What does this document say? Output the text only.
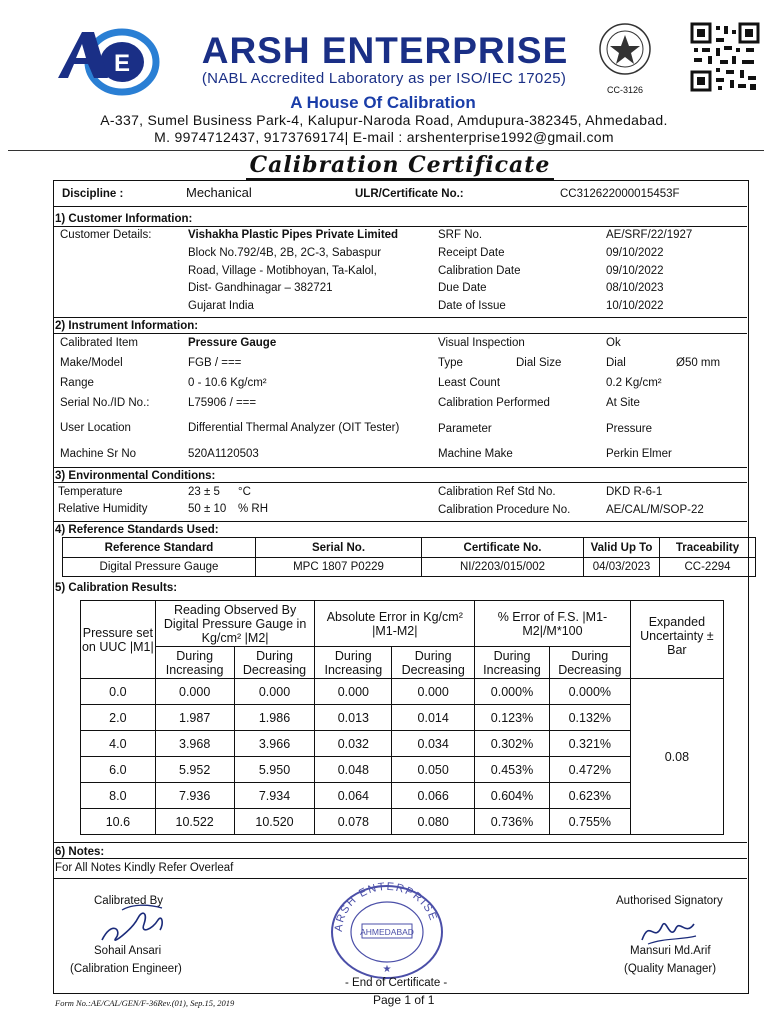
E ARSH ENTERPRISE
(NABL Accredited Laboratory as per ISO/IEC 17025)
A House Of Calibration
A-337, Sumel Business Park-4, Kalupur-Naroda Road, Amdupura-382345, Ahmedabad.
M. 9974712437, 9173769174| E-mail : arshenterprise1992@gmail.com
CC-3126
Calibration Certificate
Discipline :	Mechanical	ULR/Certificate No.:	CC312622000015453F
1) Customer Information:
Customer Details:	Vishakha Plastic Pipes Private Limited
Block No.792/4B, 2B, 2C-3, Sabaspur
Road, Village - Motibhoyan, Ta-Kalol,
Dist- Gandhinagar – 382721
Gujarat India
SRF No.	AE/SRF/22/1927
Receipt Date	09/10/2022
Calibration Date	09/10/2022
Due Date	08/10/2023
Date of Issue	10/10/2022
2) Instrument Information:
Calibrated Item	Pressure Gauge	Visual Inspection	Ok
Make/Model	FGB / ===	Type	Dial Size	Dial	Ø50 mm
Range	0 - 10.6 Kg/cm²	Least Count	0.2 Kg/cm²
Serial No./ID No.:	L75906 / ===	Calibration Performed	At Site
User Location	Differential Thermal Analyzer (OIT Tester)	Parameter	Pressure
Machine Sr No	520A1120503	Machine Make	Perkin Elmer
3) Environmental Conditions:
Temperature	23 ± 5 °C
Relative Humidity	50 ± 10 % RH
Calibration Ref Std No.	DKD R-6-1
Calibration Procedure No.	AE/CAL/M/SOP-22
4) Reference Standards Used:
Reference Standard	Serial No.	Certificate No.	Valid Up To	Traceability
Digital Pressure Gauge	MPC 1807 P0229	NI/2203/015/002	04/03/2023	CC-2294
5) Calibration Results:
Pressure set on UUC |M1|	Reading Observed By Digital Pressure Gauge in Kg/cm² |M2|		Absolute Error in Kg/cm² |M1-M2|		% Error of F.S. |M1-M2|/M*100		Expanded Uncertainty ± Bar
	During Increasing	During Decreasing	During Increasing	During Decreasing	During Increasing	During Decreasing	
0.0	0.000	0.000	0.000	0.000	0.000%	0.000%	0.08
2.0	1.987	1.986	0.013	0.014	0.123%	0.132%	
4.0	3.968	3.966	0.032	0.034	0.302%	0.321%	
6.0	5.952	5.950	0.048	0.050	0.453%	0.472%	
8.0	7.936	7.934	0.064	0.066	0.604%	0.623%	
10.6	10.522	10.520	0.078	0.080	0.736%	0.755%	
6) Notes:
For All Notes Kindly Refer Overleaf
Calibrated By
Sohail Ansari
(Calibration Engineer)
ARSH ENTERPRISE
AHMEDABAD
★
Authorised Signatory
Mansuri Md.Arif
(Quality Manager)
- End of Certificate -
Form No.:AE/CAL/GEN/F-36Rev.(01), Sep.15, 2019	Page 1 of 1
